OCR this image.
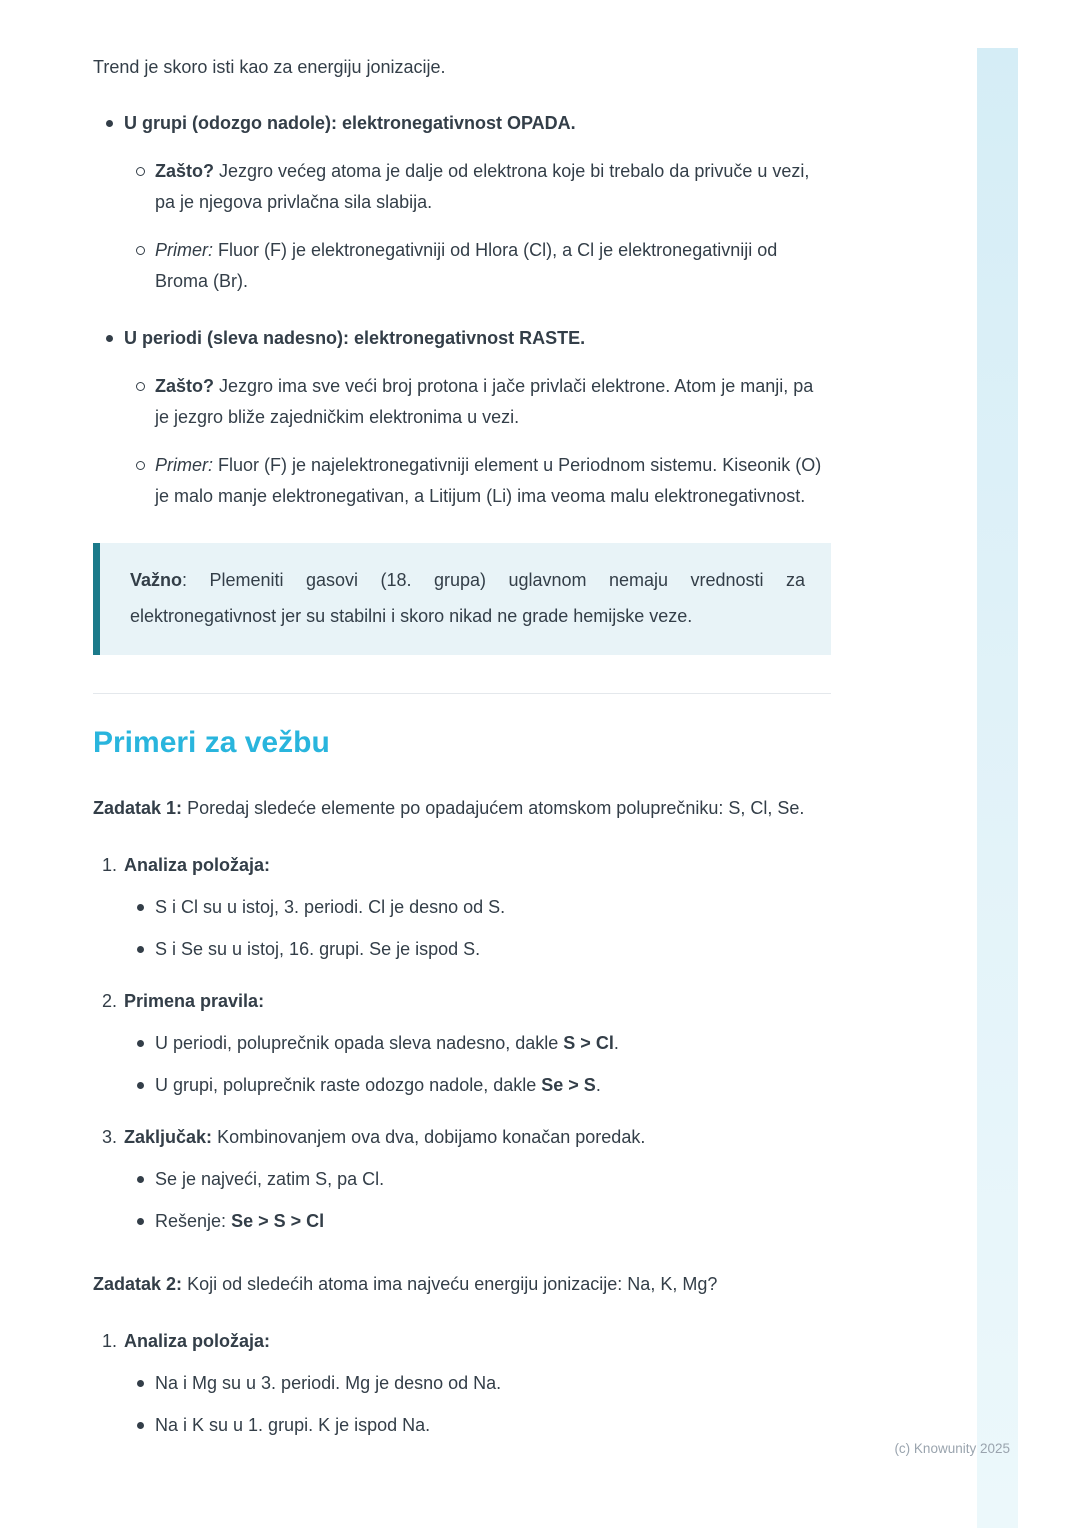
Trend je skoro isti kao za energiju jonizacije.

U grupi (odozgo nadole): elektronegativnost OPADA.

Zašto? Jezgro većeg atoma je dalje od elektrona koje bi trebalo da privuče u vezi, pa je njegova privlačna sila slabija.

Primer: Fluor (F) je elektronegativniji od Hlora (Cl), a Cl je elektronegativniji od Broma (Br).

U periodi (sleva nadesno): elektronegativnost RASTE.

Zašto? Jezgro ima sve veći broj protona i jače privlači elektrone. Atom je manji, pa je jezgro bliže zajedničkim elektronima u vezi.

Primer: Fluor (F) je najelektronegativniji element u Periodnom sistemu. Kiseonik (O) je malo manje elektronegativan, a Litijum (Li) ima veoma malu elektronegativnost.

Važno: Plemeniti gasovi (18. grupa) uglavnom nemaju vrednosti za elektronegativnost jer su stabilni i skoro nikad ne grade hemijske veze.

Primeri za vežbu

Zadatak 1: Poredaj sledeće elemente po opadajućem atomskom poluprečniku: S, Cl, Se.

1. Analiza položaja:

S i Cl su u istoj, 3. periodi. Cl je desno od S.

S i Se su u istoj, 16. grupi. Se je ispod S.

2. Primena pravila:

U periodi, poluprečnik opada sleva nadesno, dakle S > Cl.

U grupi, poluprečnik raste odozgo nadole, dakle Se > S.

3. Zaključak: Kombinovanjem ova dva, dobijamo konačan poredak.

Se je najveći, zatim S, pa Cl.

Rešenje: Se > S > Cl

Zadatak 2: Koji od sledećih atoma ima najveću energiju jonizacije: Na, K, Mg?

1. Analiza položaja:

Na i Mg su u 3. periodi. Mg je desno od Na.

Na i K su u 1. grupi. K je ispod Na.

(c) Knowunity 2025
